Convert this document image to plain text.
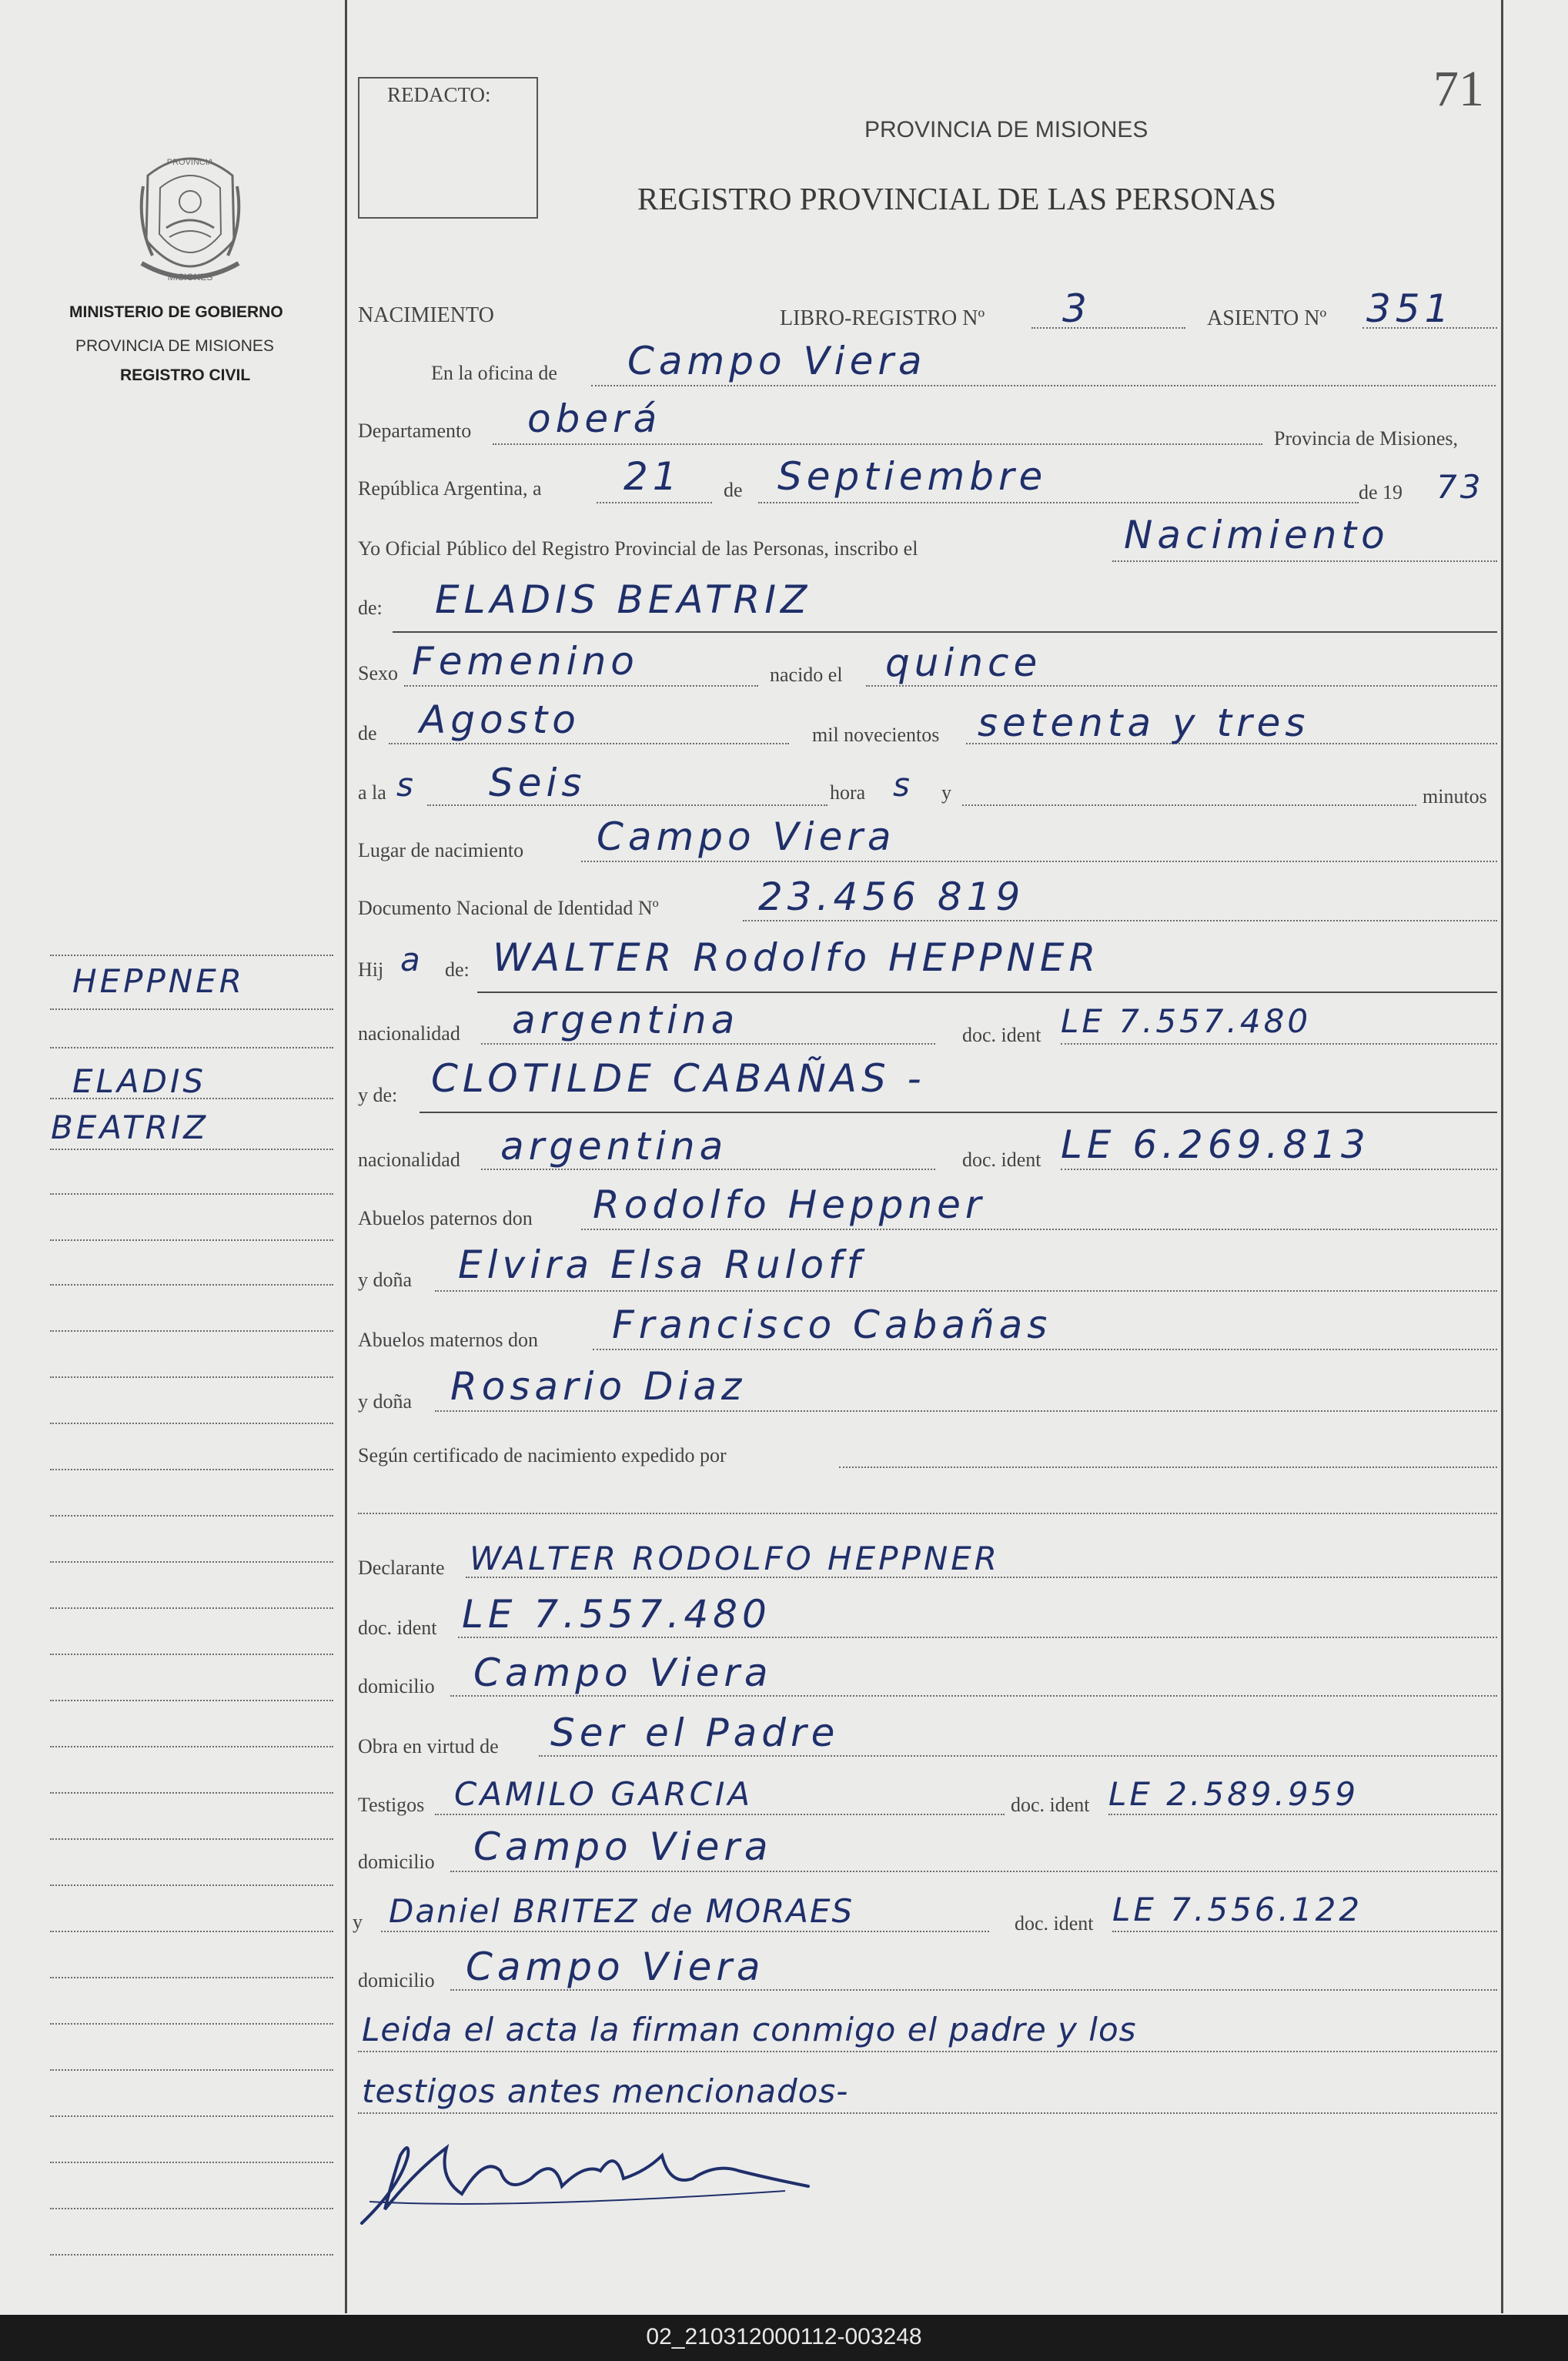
71
REDACTO:
PROVINCIA DE MISIONES
REGISTRO PROVINCIAL DE LAS PERSONAS
PROVINCIA
MISIONES
MINISTERIO DE GOBIERNO
PROVINCIA DE MISIONES
REGISTRO CIVIL
HEPPNER
ELADIS
BEATRIZ
NACIMIENTO	LIBRO-REGISTRO Nº 3	ASIENTO Nº 351
En la oficina de Campo Viera
Departamento oberá	Provincia de Misiones,
República Argentina, a 21 de Septiembre	de 19 73
Yo Oficial Público del Registro Provincial de las Personas, inscribo el	Nacimiento
de: ELADIS BEATRIZ
Sexo Femenino	nacido el quince
de Agosto	mil novecientos setenta y tres
a la s Seis	hora s y	minutos
Lugar de nacimiento Campo Viera
Documento Nacional de Identidad Nº	23.456 819
Hij a de: WALTER Rodolfo HEPPNER
nacionalidad argentina	doc. ident LE 7.557.480
y de: CLOTILDE CABAÑAS -
nacionalidad argentina	doc. ident LE 6.269.813
Abuelos paternos don Rodolfo Heppner
y doña Elvira Elsa Ruloff
Abuelos maternos don Francisco Cabañas
y doña Rosario Diaz
Según certificado de nacimiento expedido por
Declarante WALTER RODOLFO HEPPNER
doc. ident LE 7.557.480
domicilio Campo Viera
Obra en virtud de Ser el Padre
Testigos CAMILO GARCIA	doc. ident LE 2.589.959
domicilio Campo Viera
y Daniel BRITEZ de MORAES	doc. ident LE 7.556.122
domicilio Campo Viera
Leida el acta la firman conmigo el padre y los
testigos antes mencionados-
02_210312000112-003248
